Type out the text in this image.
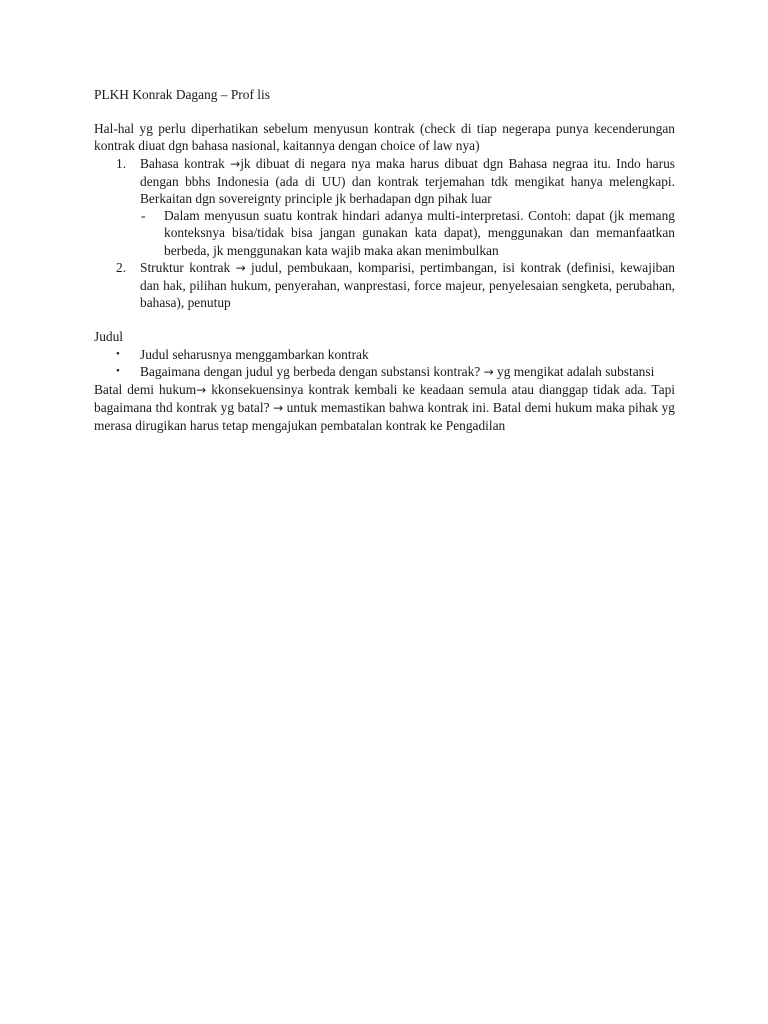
PLKH Konrak Dagang – Prof lis

Hal-hal yg perlu diperhatikan sebelum menyusun kontrak (check di tiap negerapa punya kecenderungan kontrak diuat dgn bahasa nasional, kaitannya dengan choice of law nya)

1. Bahasa kontrak →jk dibuat di negara nya maka harus dibuat dgn Bahasa negraa itu. Indo harus dengan bbhs Indonesia (ada di UU) dan kontrak terjemahan tdk mengikat hanya melengkapi. Berkaitan dgn sovereignty principle jk berhadapan dgn pihak luar
- Dalam menyusun suatu kontrak hindari adanya multi-interpretasi. Contoh: dapat (jk memang konteksnya bisa/tidak bisa jangan gunakan kata dapat), menggunakan dan memanfaatkan berbeda, jk menggunakan kata wajib maka akan menimbulkan
2. Struktur kontrak → judul, pembukaan, komparisi, pertimbangan, isi kontrak (definisi, kewajiban dan hak, pilihan hukum, penyerahan, wanprestasi, force majeur, penyelesaian sengketa, perubahan, bahasa), penutup

Judul

• Judul seharusnya menggambarkan kontrak
• Bagaimana dengan judul yg berbeda dengan substansi kontrak? → yg mengikat adalah substansi

Batal demi hukum→ kkonsekuensinya kontrak kembali ke keadaan semula atau dianggap tidak ada. Tapi bagaimana thd kontrak yg batal? → untuk memastikan bahwa kontrak ini. Batal demi hukum maka pihak yg merasa dirugikan harus tetap mengajukan pembatalan kontrak ke Pengadilan
